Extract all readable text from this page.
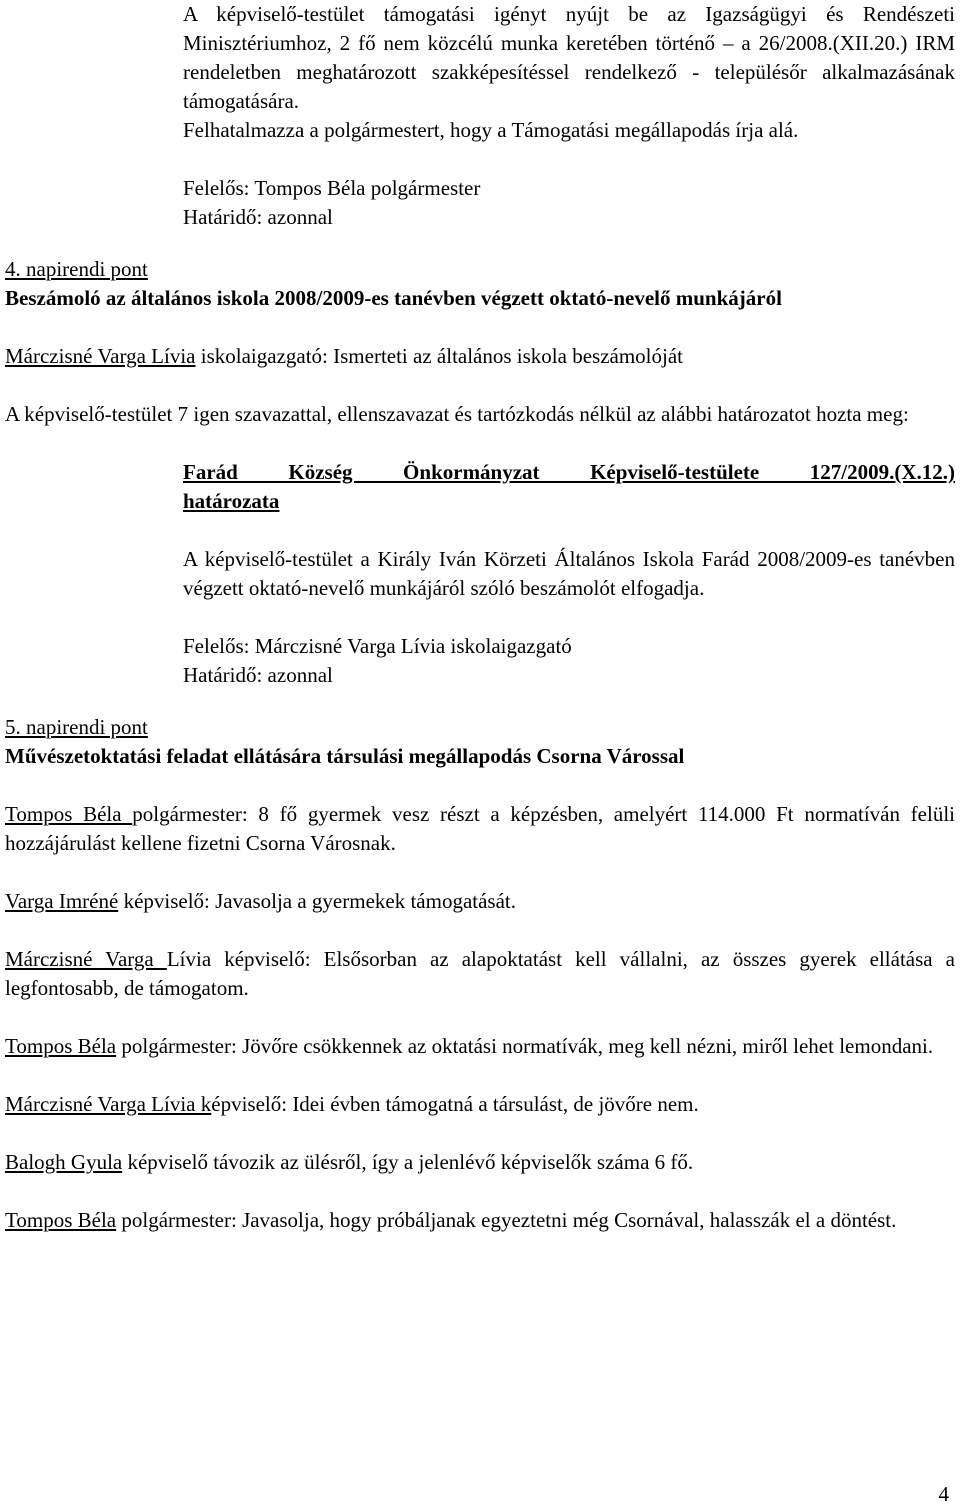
A képviselő-testület támogatási igényt nyújt be az Igazságügyi és Rendészeti Minisztériumhoz, 2 fő nem közcélú munka keretében történő – a 26/2008.(XII.20.) IRM rendeletben meghatározott szakképesítéssel rendelkező - településőr alkalmazásának támogatására.

Felhatalmazza a polgármestert, hogy a Támogatási megállapodás írja alá.

Felelős: Tompos Béla polgármester

Határidő: azonnal

4. napirendi pont

Beszámoló az általános iskola 2008/2009-es tanévben végzett oktató-nevelő munkájáról

Márczisné Varga Lívia iskolaigazgató: Ismerteti az általános iskola beszámolóját

A képviselő-testület 7 igen szavazattal, ellenszavazat és tartózkodás nélkül az alábbi határozatot hozta meg:

Farád Község Önkormányzat Képviselő-testülete 127/2009.(X.12.)

határozata

A képviselő-testület a Király Iván Körzeti Általános Iskola Farád 2008/2009-es tanévben végzett oktató-nevelő munkájáról szóló beszámolót elfogadja.

Felelős: Márczisné Varga Lívia iskolaigazgató

Határidő: azonnal

5. napirendi pont

Művészetoktatási feladat ellátására társulási megállapodás Csorna Várossal

Tompos Béla polgármester: 8 fő gyermek vesz részt a képzésben, amelyért 114.000 Ft normatíván felüli hozzájárulást kellene fizetni Csorna Városnak.

Varga Imréné képviselő: Javasolja a gyermekek támogatását.

Márczisné Varga Lívia képviselő: Elsősorban az alapoktatást kell vállalni, az összes gyerek ellátása a legfontosabb, de támogatom.

Tompos Béla polgármester: Jövőre csökkennek az oktatási normatívák, meg kell nézni, miről lehet lemondani.

Márczisné Varga Lívia képviselő: Idei évben támogatná a társulást, de jövőre nem.

Balogh Gyula képviselő távozik az ülésről, így a jelenlévő képviselők száma 6 fő.

Tompos Béla polgármester: Javasolja, hogy próbáljanak egyeztetni még Csornával, halasszák el a döntést.

4
